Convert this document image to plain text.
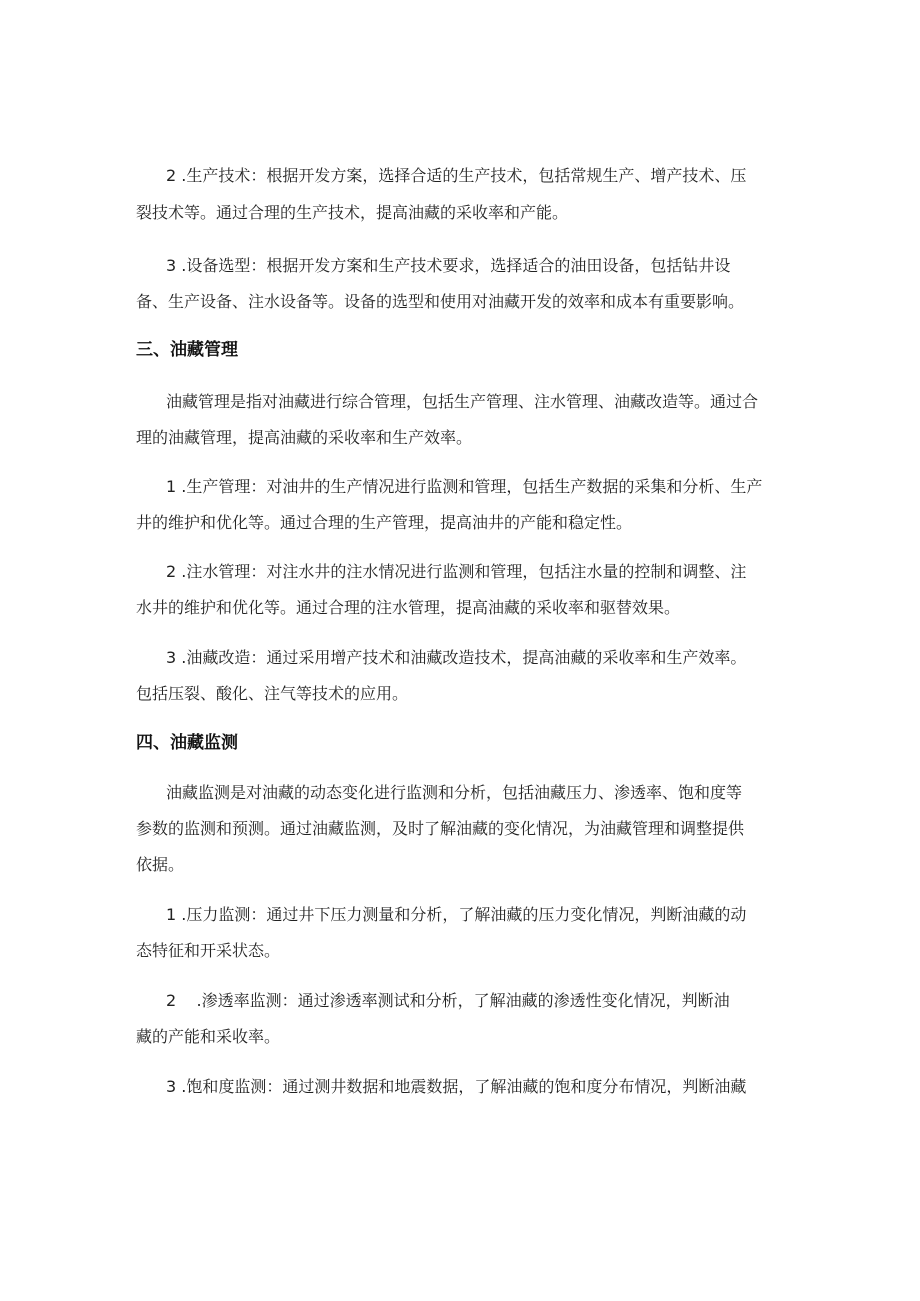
2 .生产技术：根据开发方案，选择合适的生产技术，包括常规生产、增产技术、压
裂技术等。通过合理的生产技术，提高油藏的采收率和产能。
3 .设备选型：根据开发方案和生产技术要求，选择适合的油田设备，包括钻井设
备、生产设备、注水设备等。设备的选型和使用对油藏开发的效率和成本有重要影响。
三、油藏管理
油藏管理是指对油藏进行综合管理，包括生产管理、注水管理、油藏改造等。通过合
理的油藏管理，提高油藏的采收率和生产效率。
1 .生产管理：对油井的生产情况进行监测和管理，包括生产数据的采集和分析、生产
井的维护和优化等。通过合理的生产管理，提高油井的产能和稳定性。
2 .注水管理：对注水井的注水情况进行监测和管理，包括注水量的控制和调整、注
水井的维护和优化等。通过合理的注水管理，提高油藏的采收率和驱替效果。
3 .油藏改造：通过采用增产技术和油藏改造技术，提高油藏的采收率和生产效率。
包括压裂、酸化、注气等技术的应用。
四、油藏监测
油藏监测是对油藏的动态变化进行监测和分析，包括油藏压力、渗透率、饱和度等
参数的监测和预测。通过油藏监测，及时了解油藏的变化情况，为油藏管理和调整提供
依据。
1 .压力监测：通过井下压力测量和分析，了解油藏的压力变化情况，判断油藏的动
态特征和开采状态。
2    .渗透率监测：通过渗透率测试和分析，了解油藏的渗透性变化情况，判断油
藏的产能和采收率。
3 .饱和度监测：通过测井数据和地震数据，了解油藏的饱和度分布情况，判断油藏
